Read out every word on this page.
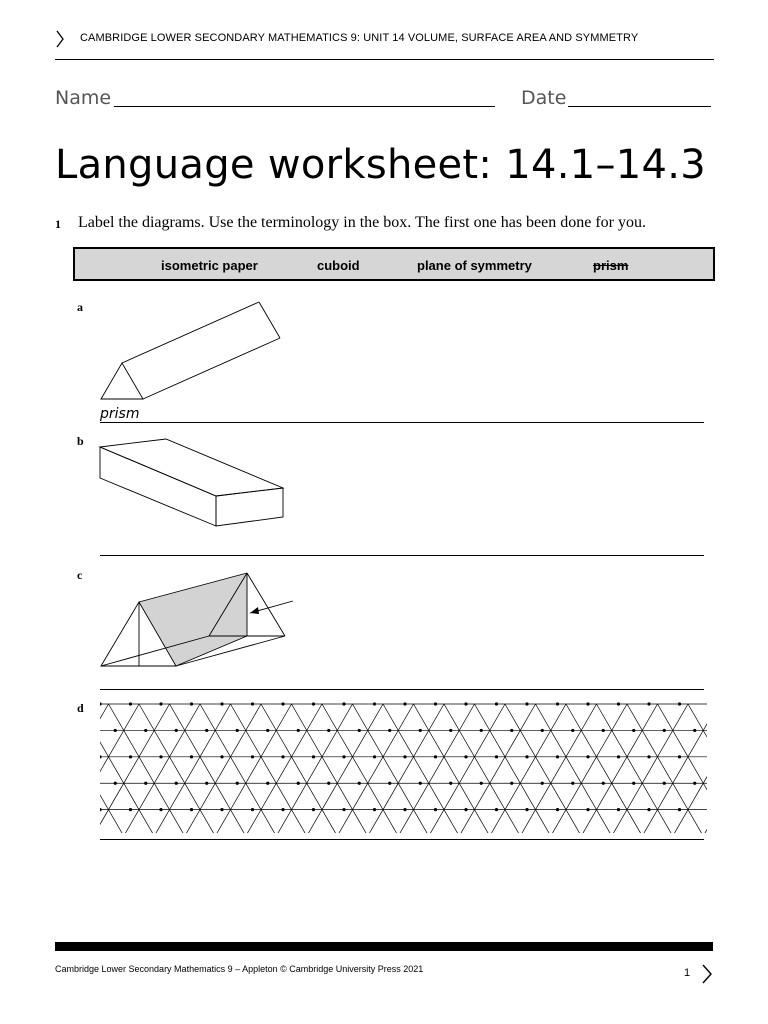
CAMBRIDGE LOWER SECONDARY MATHEMATICS 9: UNIT 14 VOLUME, SURFACE AREA AND SYMMETRY
Name	Date
Language worksheet: 14.1–14.3
1 Label the diagrams. Use the terminology in the box. The first one has been done for you.
isometric paper	cuboid	plane of symmetry	prism
a
prism
b
c
d
Cambridge Lower Secondary Mathematics 9 – Appleton © Cambridge University Press 2021	1
